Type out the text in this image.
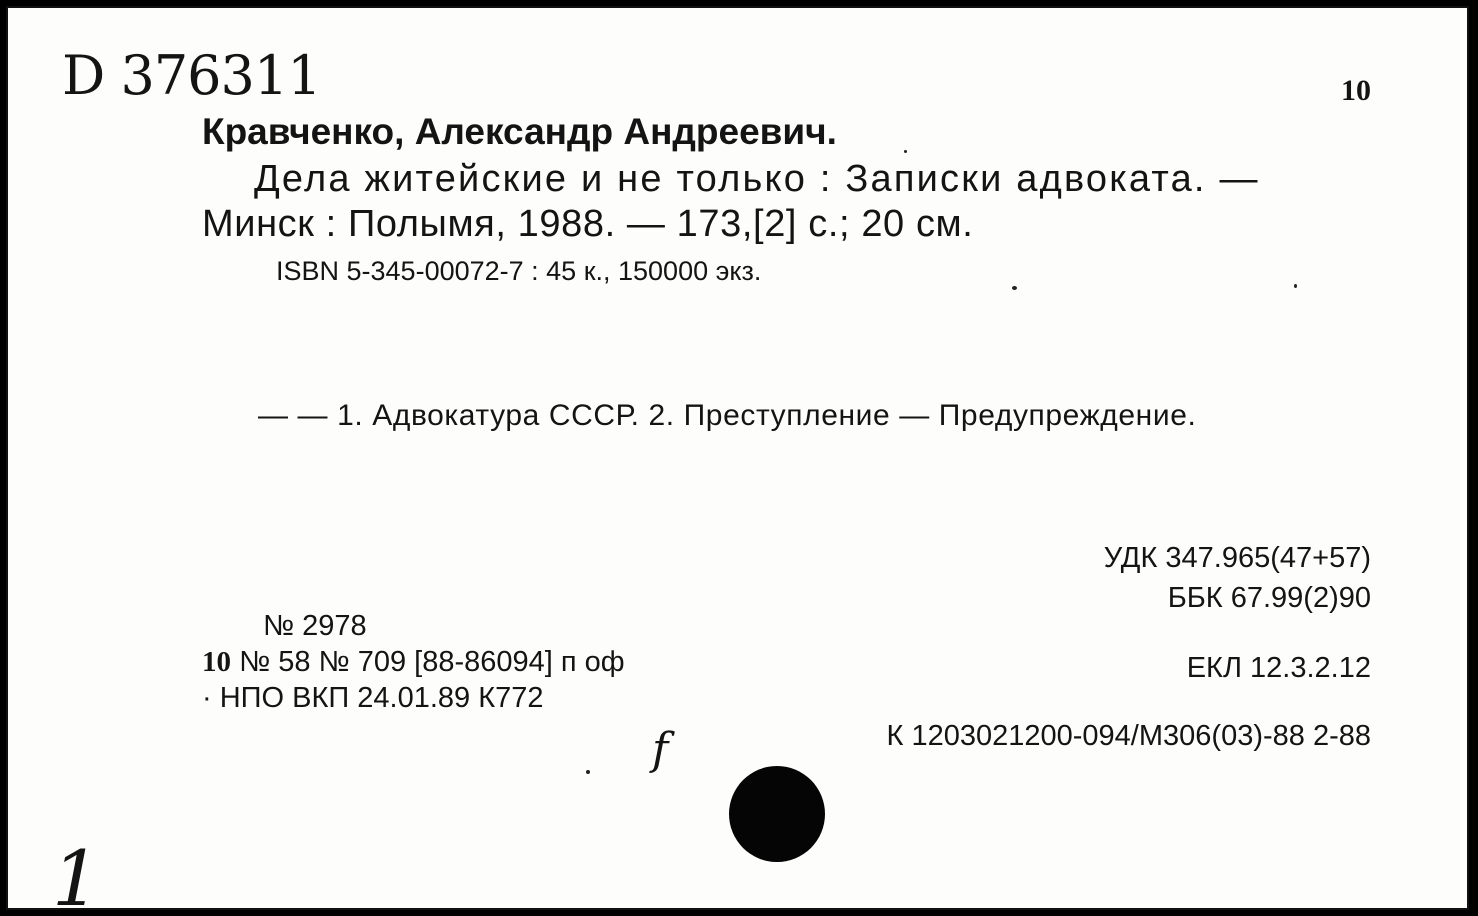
D 376311	10
Кравченко, Александр Андреевич.
Дела житейские и не только : Записки адвоката. —
Минск : Полымя, 1988. — 173,[2] с.; 20 см.
ISBN 5-345-00072-7 : 45 к., 150000 экз.
— — 1. Адвокатура СССР. 2. Преступление — Предупреждение.
УДК 347.965(47+57)
ББК 67.99(2)90
№ 2978
10 № 58 № 709 [88-86094] п оф	ЕКЛ 12.3.2.12
· НПО ВКП 24.01.89 К772
К 1203021200-094/М306(03)-88 2-88
1
f
